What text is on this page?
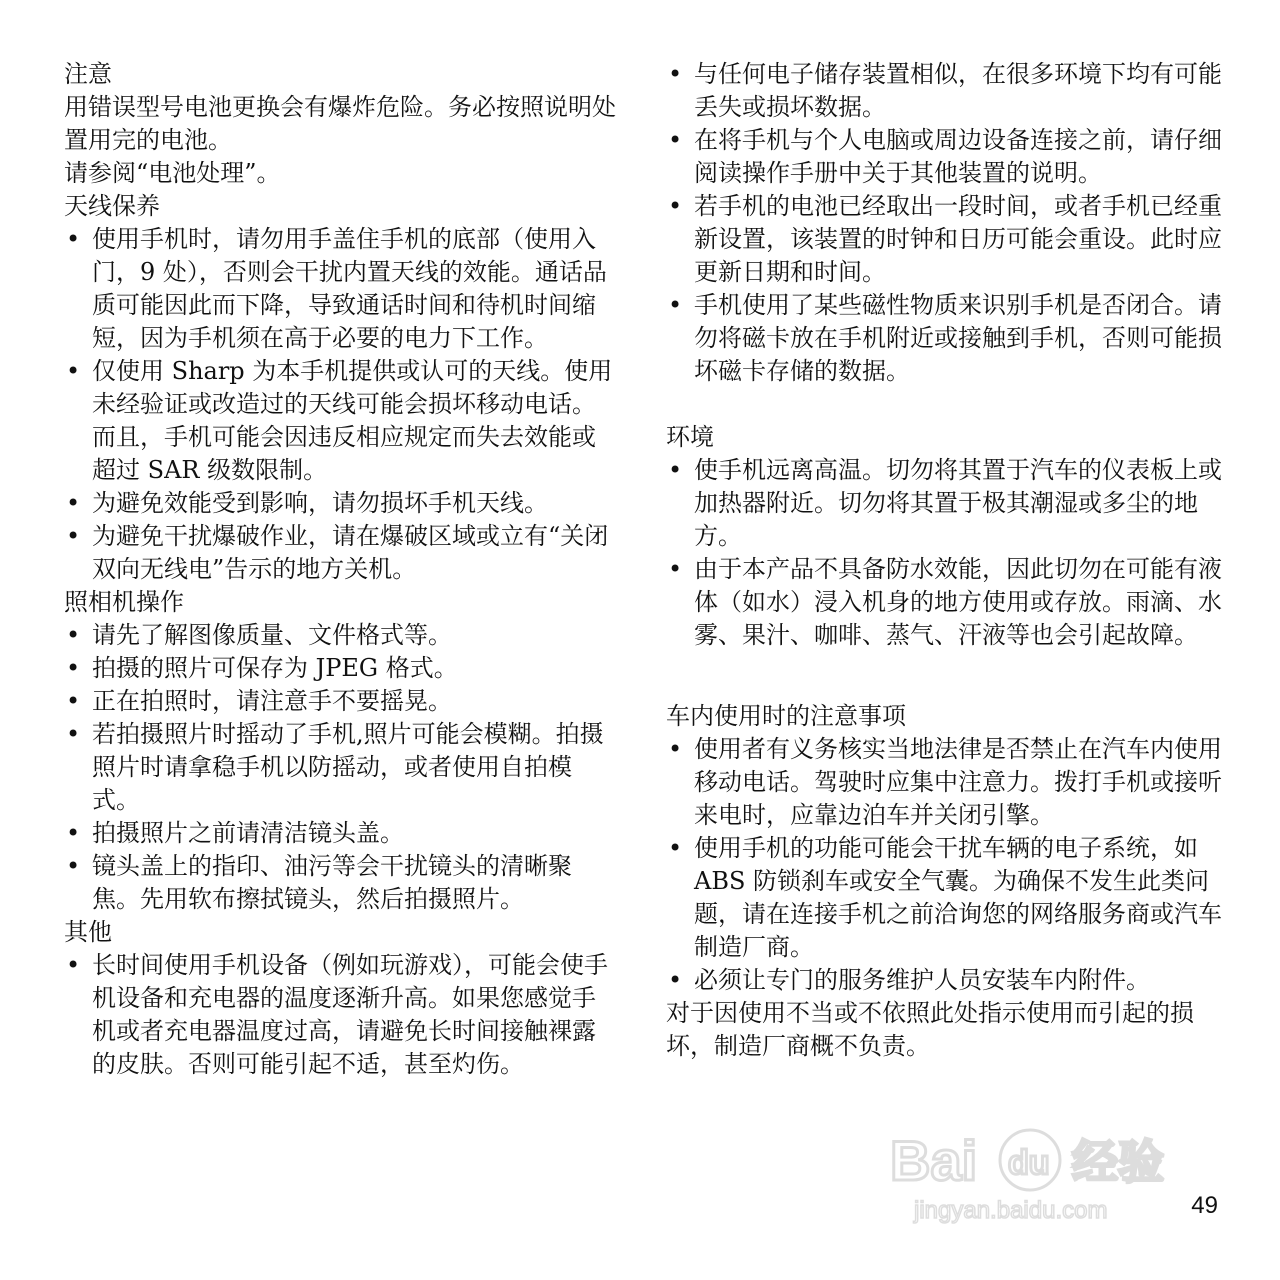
注意

用错误型号电池更换会有爆炸危险。务必按照说明处置用完的电池。

请参阅“电池处理”。

天线保养
• 使用手机时，请勿用手盖住手机的底部（使用入门，9 处），否则会干扰内置天线的效能。通话品质可能因此而下降，导致通话时间和待机时间缩短，因为手机须在高于必要的电力下工作。
• 仅使用 Sharp 为本手机提供或认可的天线。使用未经验证或改造过的天线可能会损坏移动电话。而且，手机可能会因违反相应规定而失去效能或超过 SAR 级数限制。
• 为避免效能受到影响，请勿损坏手机天线。
• 为避免干扰爆破作业，请在爆破区域或立有“关闭双向无线电”告示的地方关机。
照相机操作
• 请先了解图像质量、文件格式等。
• 拍摄的照片可保存为 JPEG 格式。
• 正在拍照时，请注意手不要摇晃。
• 若拍摄照片时摇动了手机,照片可能会模糊。拍摄照片时请拿稳手机以防摇动，或者使用自拍模式。
• 拍摄照片之前请清洁镜头盖。
• 镜头盖上的指印、油污等会干扰镜头的清晰聚焦。先用软布擦拭镜头，然后拍摄照片。
其他
• 长时间使用手机设备（例如玩游戏），可能会使手机设备和充电器的温度逐渐升高。如果您感觉手机或者充电器温度过高，请避免长时间接触裸露的皮肤。否则可能引起不适，甚至灼伤。
• 与任何电子储存装置相似，在很多环境下均有可能丢失或损坏数据。
• 在将手机与个人电脑或周边设备连接之前，请仔细阅读操作手册中关于其他装置的说明。
• 若手机的电池已经取出一段时间，或者手机已经重新设置，该装置的时钟和日历可能会重设。此时应更新日期和时间。
• 手机使用了某些磁性物质来识别手机是否闭合。请勿将磁卡放在手机附近或接触到手机，否则可能损坏磁卡存储的数据。
环境
• 使手机远离高温。切勿将其置于汽车的仪表板上或加热器附近。切勿将其置于极其潮湿或多尘的地方。
• 由于本产品不具备防水效能，因此切勿在可能有液体（如水）浸入机身的地方使用或存放。雨滴、水雾、果汁、咖啡、蒸气、汗液等也会引起故障。
车内使用时的注意事项
• 使用者有义务核实当地法律是否禁止在汽车内使用移动电话。驾驶时应集中注意力。拨打手机或接听来电时，应靠边泊车并关闭引擎。
• 使用手机的功能可能会干扰车辆的电子系统，如 ABS 防锁刹车或安全气囊。为确保不发生此类问题，请在连接手机之前洽询您的网络服务商或汽车制造厂商。
• 必须让专门的服务维护人员安装车内附件。

对于因使用不当或不依照此处指示使用而引起的损坏，制造厂商概不负责。

Bai du 经验
jingyan.baidu.com	49
